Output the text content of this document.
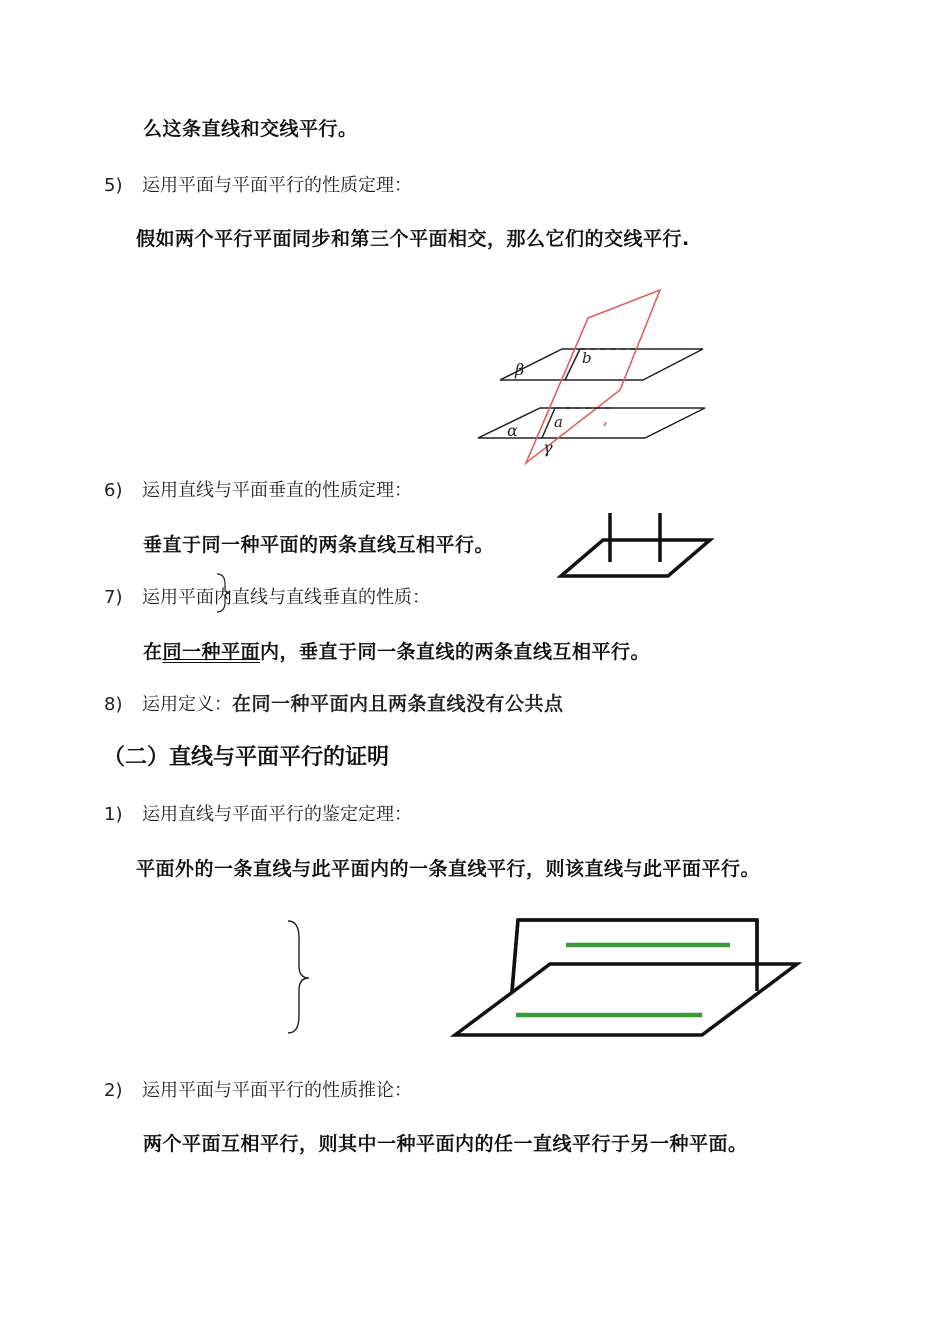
么这条直线和交线平行。
5) 运用平面与平面平行的性质定理：
假如两个平行平面同步和第三个平面相交，那么它们的交线平行.
β
b
α a
γ
6) 运用直线与平面垂直的性质定理：
垂直于同一种平面的两条直线互相平行。
7) 运用平面内直线与直线垂直的性质：
在同一种平面内，垂直于同一条直线的两条直线互相平行。
8) 运用定义：在同一种平面内且两条直线没有公共点
（二）直线与平面平行的证明
1) 运用直线与平面平行的鉴定定理：
平面外的一条直线与此平面内的一条直线平行，则该直线与此平面平行。
2) 运用平面与平面平行的性质推论：
两个平面互相平行，则其中一种平面内的任一直线平行于另一种平面。
